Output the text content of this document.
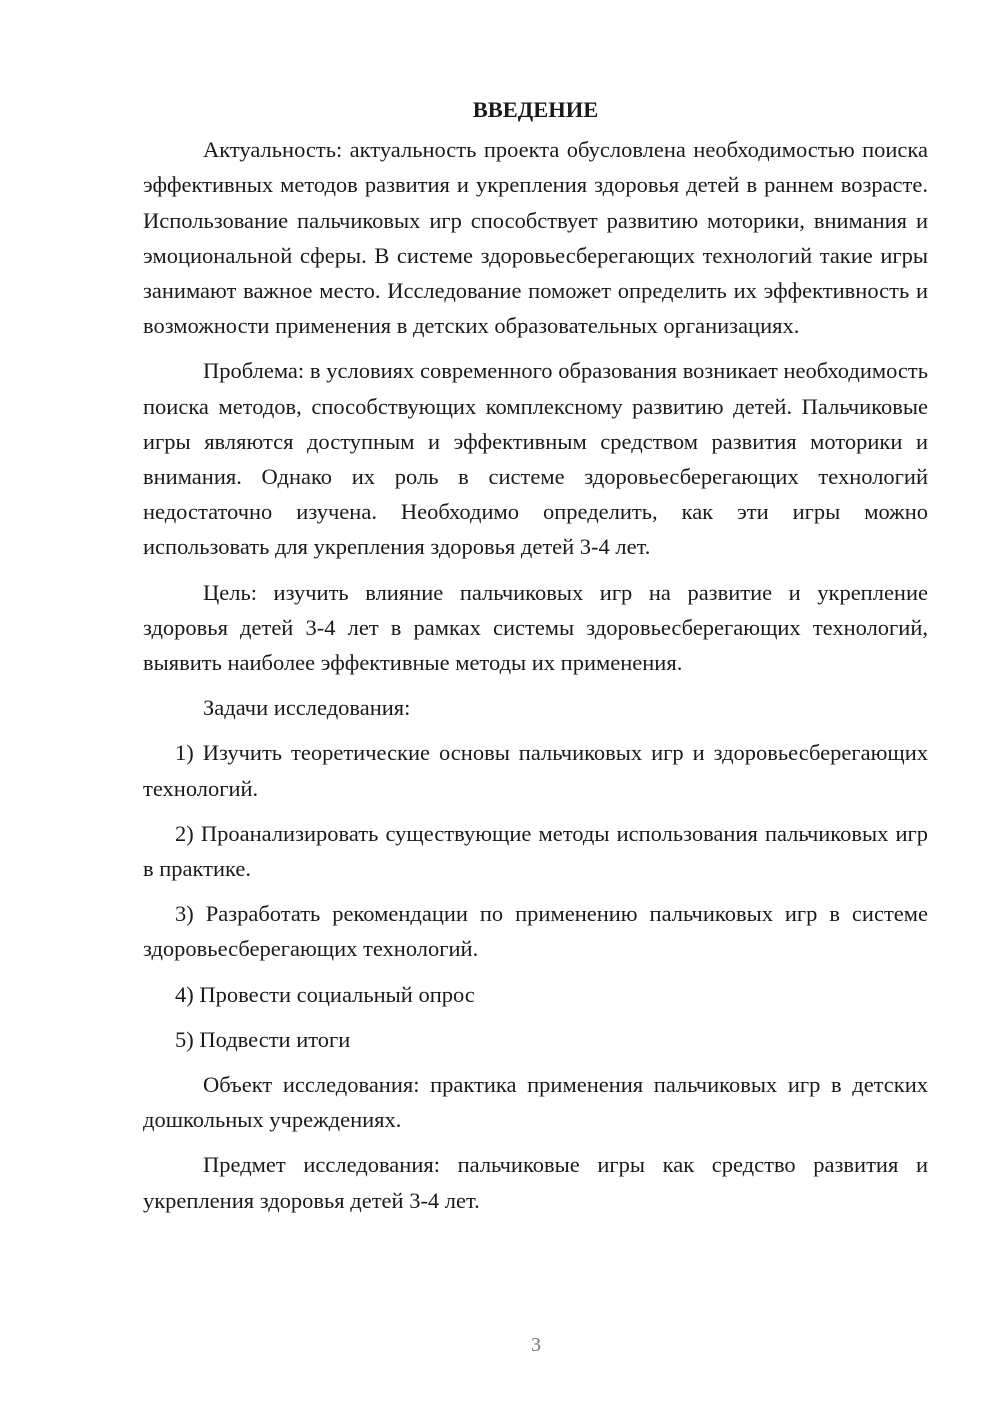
ВВЕДЕНИЕ

Актуальность: актуальность проекта обусловлена необходимостью поиска эффективных методов развития и укрепления здоровья детей в раннем возрасте. Использование пальчиковых игр способствует развитию моторики, внимания и эмоциональной сферы. В системе здоровьесберегающих технологий такие игры занимают важное место. Исследование поможет определить их эффективность и возможности применения в детских образовательных организациях.

Проблема: в условиях современного образования возникает необходимость поиска методов, способствующих комплексному развитию детей. Пальчиковые игры являются доступным и эффективным средством развития моторики и внимания. Однако их роль в системе здоровьесберегающих технологий недостаточно изучена. Необходимо определить, как эти игры можно использовать для укрепления здоровья детей 3-4 лет.

Цель: изучить влияние пальчиковых игр на развитие и укрепление здоровья детей 3-4 лет в рамках системы здоровьесберегающих технологий, выявить наиболее эффективные методы их применения.

Задачи исследования:

1) Изучить теоретические основы пальчиковых игр и здоровьесберегающих технологий.

2) Проанализировать существующие методы использования пальчиковых игр в практике.

3) Разработать рекомендации по применению пальчиковых игр в системе здоровьесберегающих технологий.

4) Провести социальный опрос

5) Подвести итоги

Объект исследования: практика применения пальчиковых игр в детских дошкольных учреждениях.

Предмет исследования: пальчиковые игры как средство развития и укрепления здоровья детей 3-4 лет.

3
